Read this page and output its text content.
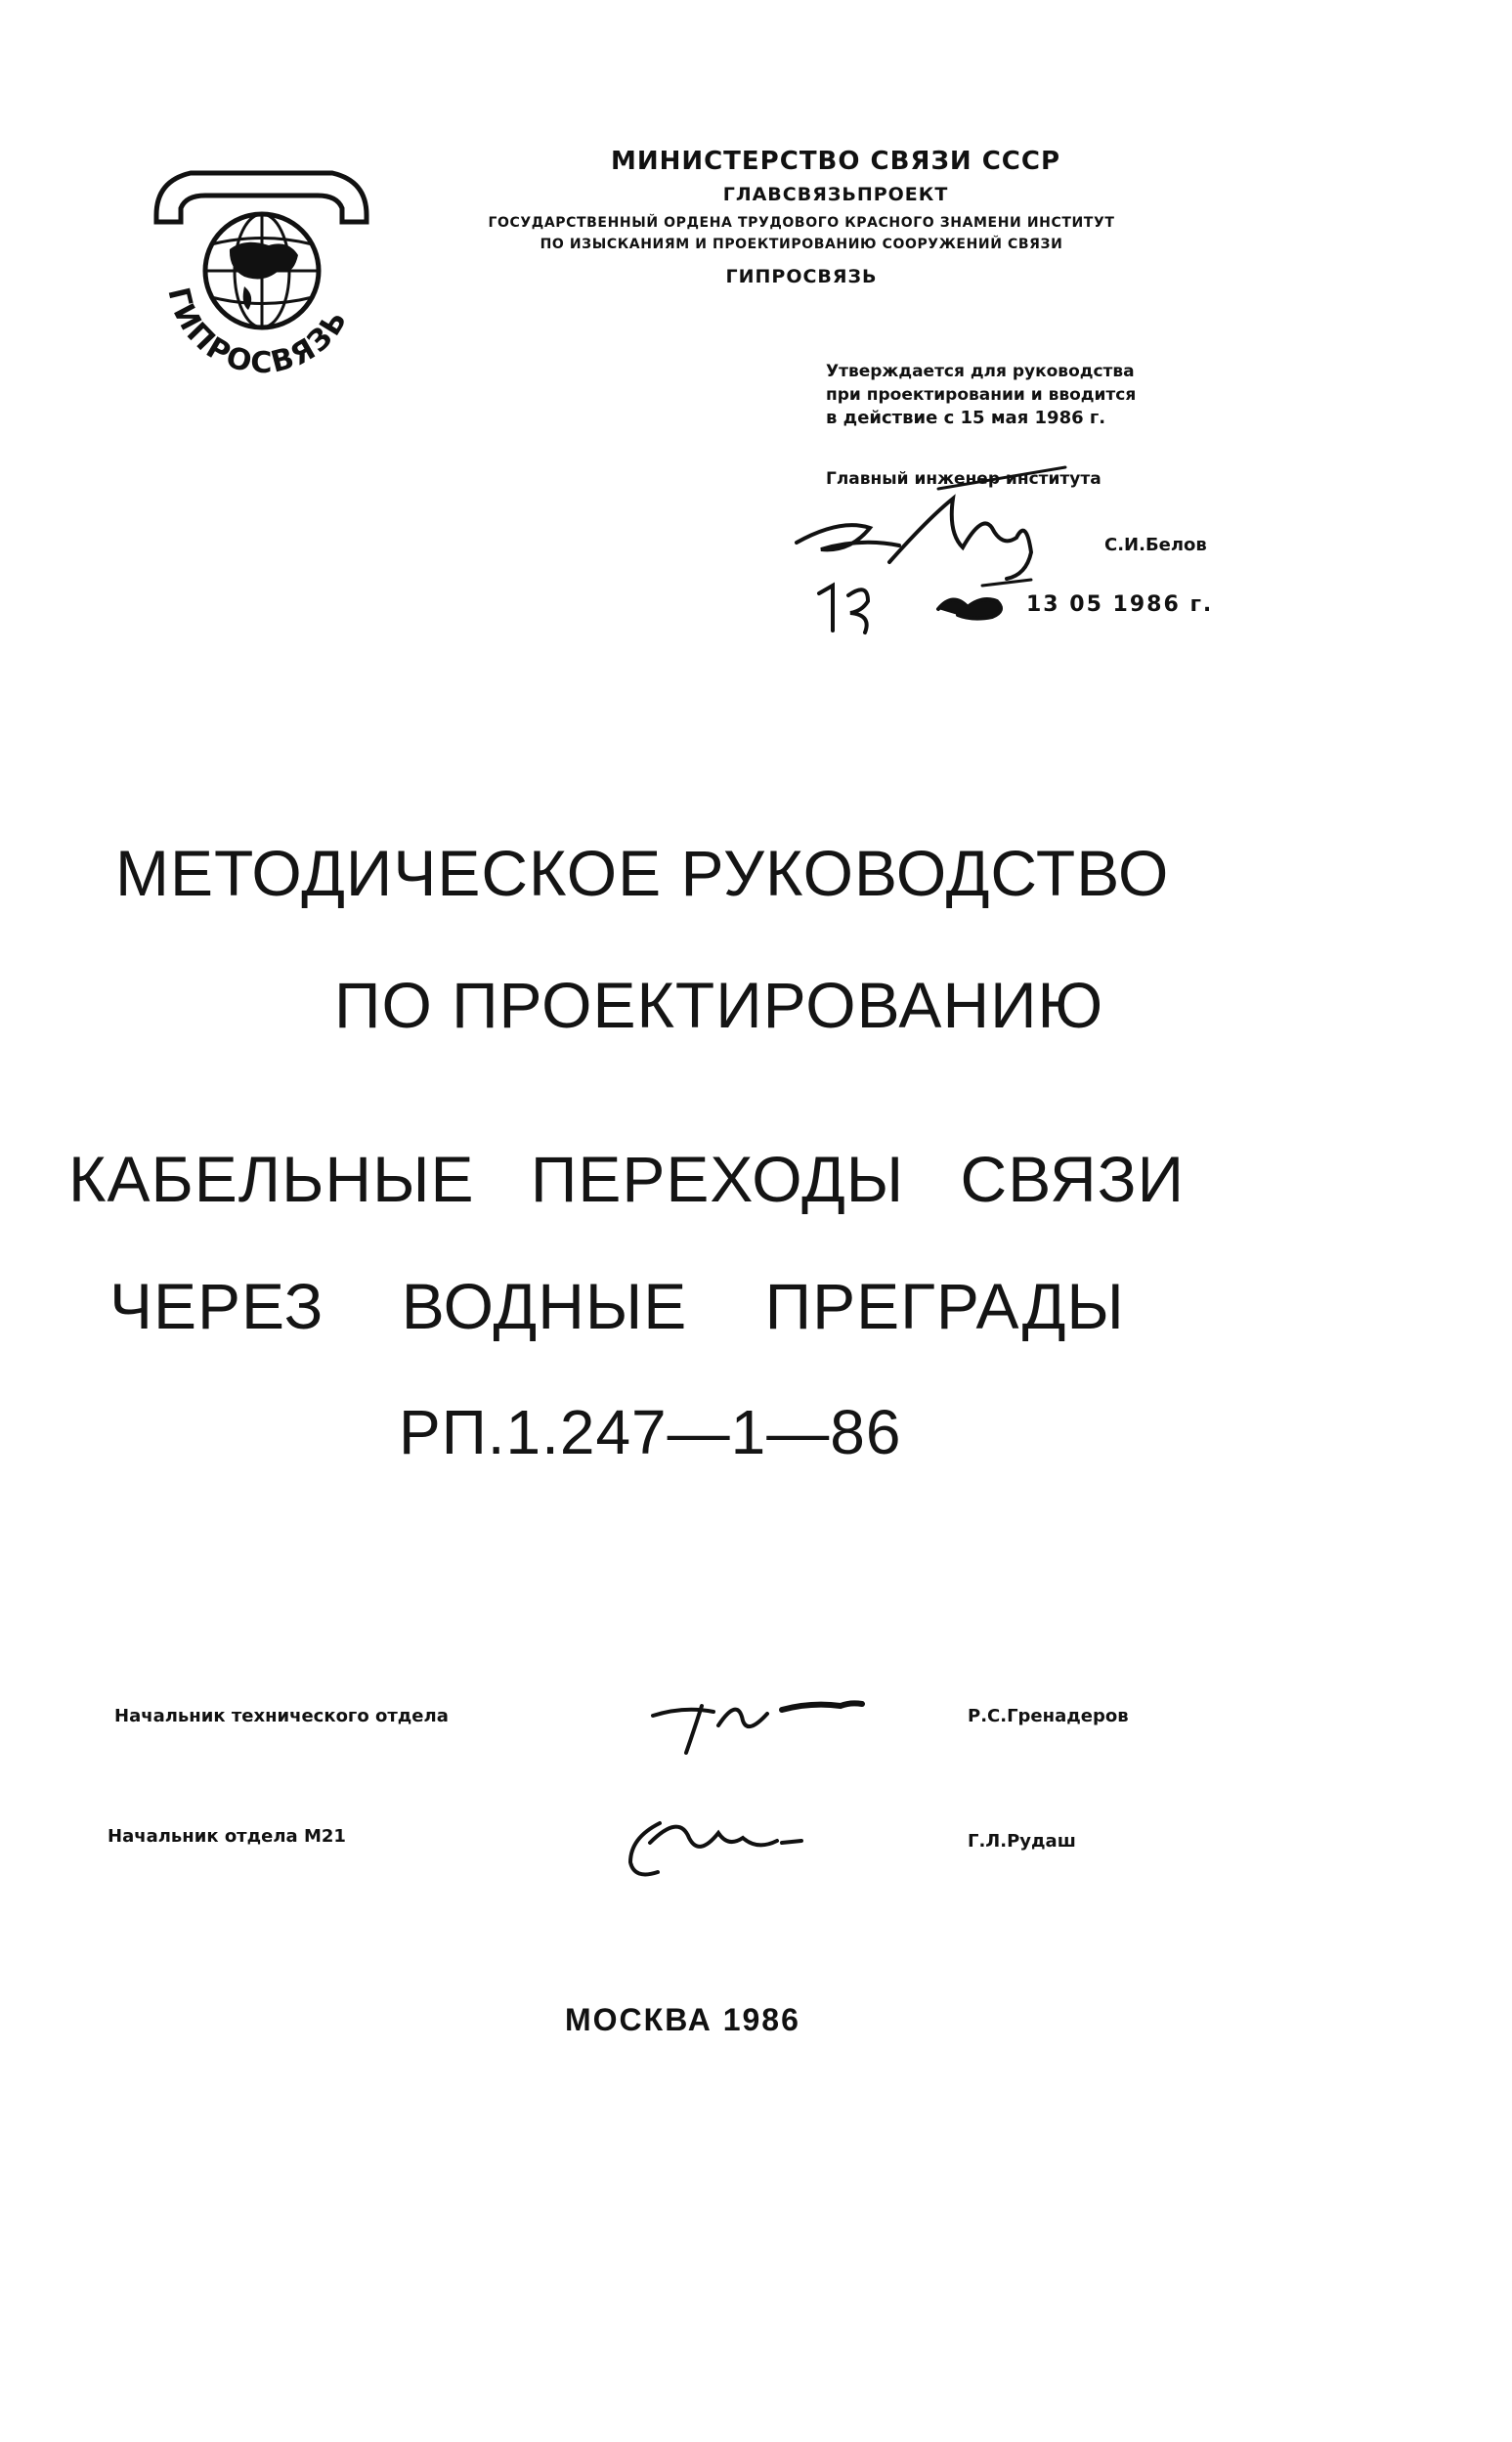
ГИПРОСВЯЗЬ
МИНИСТЕРСТВО СВЯЗИ СССР
ГЛАВСВЯЗЬПРОЕКТ
ГОСУДАРСТВЕННЫЙ ОРДЕНА ТРУДОВОГО КРАСНОГО ЗНАМЕНИ ИНСТИТУТ
ПО ИЗЫСКАНИЯМ И ПРОЕКТИРОВАНИЮ СООРУЖЕНИЙ СВЯЗИ
ГИПРОСВЯЗЬ
Утверждается для руководства
при проектировании и вводится
в действие с 15 мая 1986 г.
Главный инженер института
С.И.Белов
13 05 1986 г.
МЕТОДИЧЕСКОЕ РУКОВОДСТВО
ПО ПРОЕКТИРОВАНИЮ
КАБЕЛЬНЫЕ ПЕРЕХОДЫ СВЯЗИ
ЧЕРЕЗ ВОДНЫЕ ПРЕГРАДЫ
РП.1.247—1—86
Начальник технического отдела	Р.С.Гренадеров
Начальник отдела М21	Г.Л.Рудаш
МОСКВА 1986
